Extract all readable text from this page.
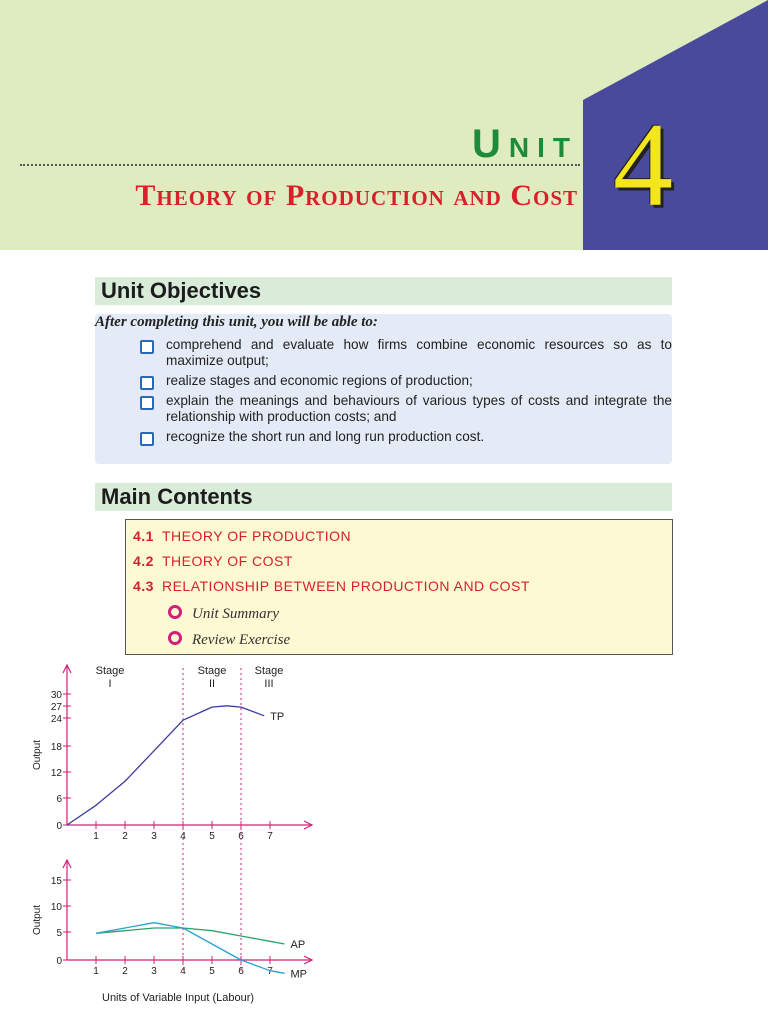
Unit 4
Theory of Production and Cost
Unit Objectives
After completing this unit, you will be able to:
comprehend and evaluate how firms combine economic resources so as to maximize output;
realize stages and economic regions of production;
explain the meanings and behaviours of various types of costs and integrate the relationship with production costs; and
recognize the short run and long run production cost.
Main Contents
4.1 THEORY OF PRODUCTION
4.2 THEORY OF COST
4.3 RELATIONSHIP BETWEEN PRODUCTION AND COST
Unit Summary
Review Exercise
1 2 3 4 5 6 7
0
6
12
18
24
27
30
Output
TP
1 2 3 4 5 6 7
0
5
10
15
Output
AP
MP
Stage
I
Stage
II
Stage
III
Units of Variable Input (Labour)
